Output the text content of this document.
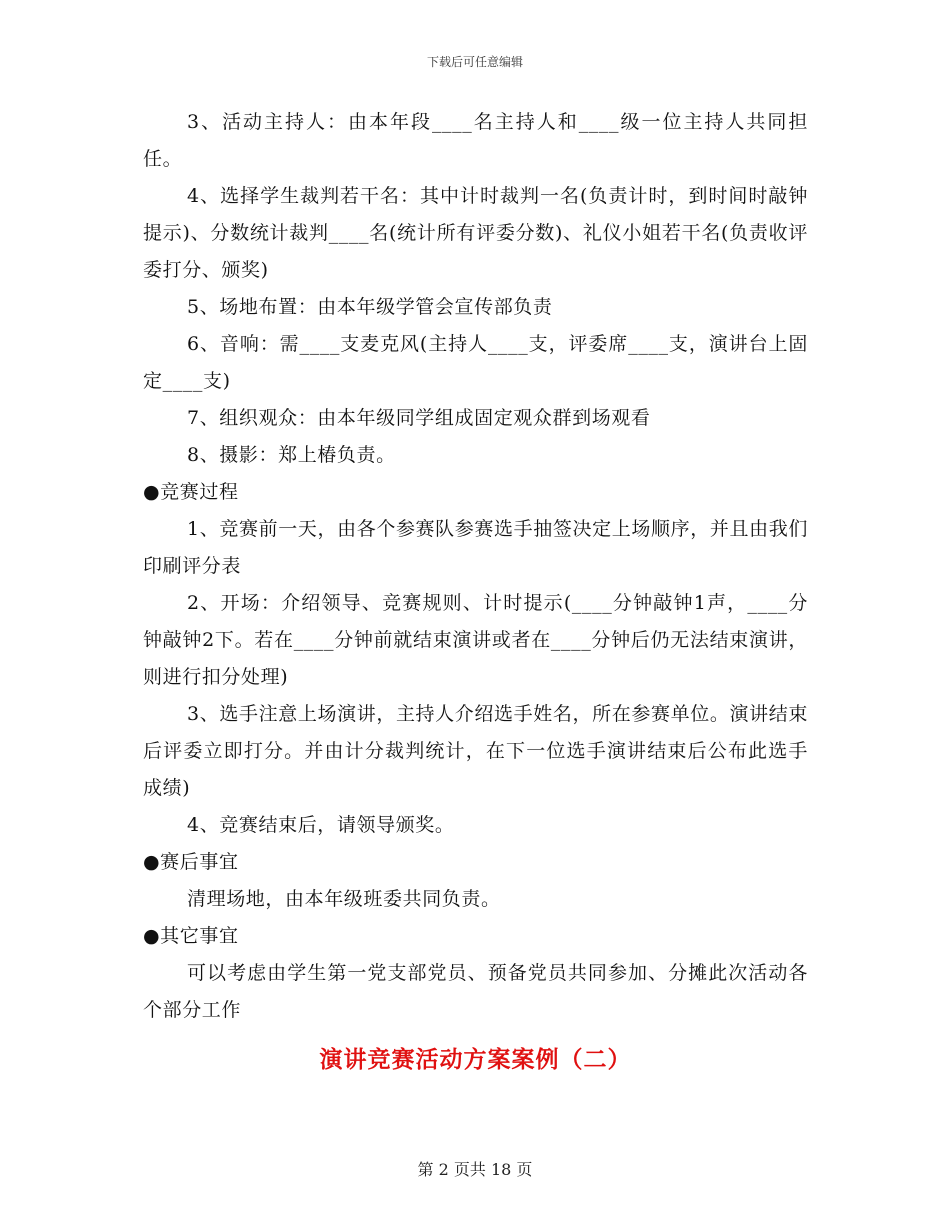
下载后可任意编辑

3、活动主持人：由本年段____名主持人和____级一位主持人共同担任。

4、选择学生裁判若干名：其中计时裁判一名(负责计时，到时间时敲钟提示)、分数统计裁判____名(统计所有评委分数)、礼仪小姐若干名(负责收评委打分、颁奖)

5、场地布置：由本年级学管会宣传部负责

6、音响：需____支麦克风(主持人____支，评委席____支，演讲台上固定____支)

7、组织观众：由本年级同学组成固定观众群到场观看

8、摄影：郑上椿负责。

●竞赛过程

1、竞赛前一天，由各个参赛队参赛选手抽签决定上场顺序，并且由我们印刷评分表

2、开场：介绍领导、竞赛规则、计时提示(____分钟敲钟1声，____分钟敲钟2下。若在____分钟前就结束演讲或者在____分钟后仍无法结束演讲，则进行扣分处理)

3、选手注意上场演讲，主持人介绍选手姓名，所在参赛单位。演讲结束后评委立即打分。并由计分裁判统计，在下一位选手演讲结束后公布此选手成绩)

4、竞赛结束后，请领导颁奖。

●赛后事宜

清理场地，由本年级班委共同负责。

●其它事宜

可以考虑由学生第一党支部党员、预备党员共同参加、分摊此次活动各个部分工作

演讲竞赛活动方案案例（二）
第 2 页共 18 页
